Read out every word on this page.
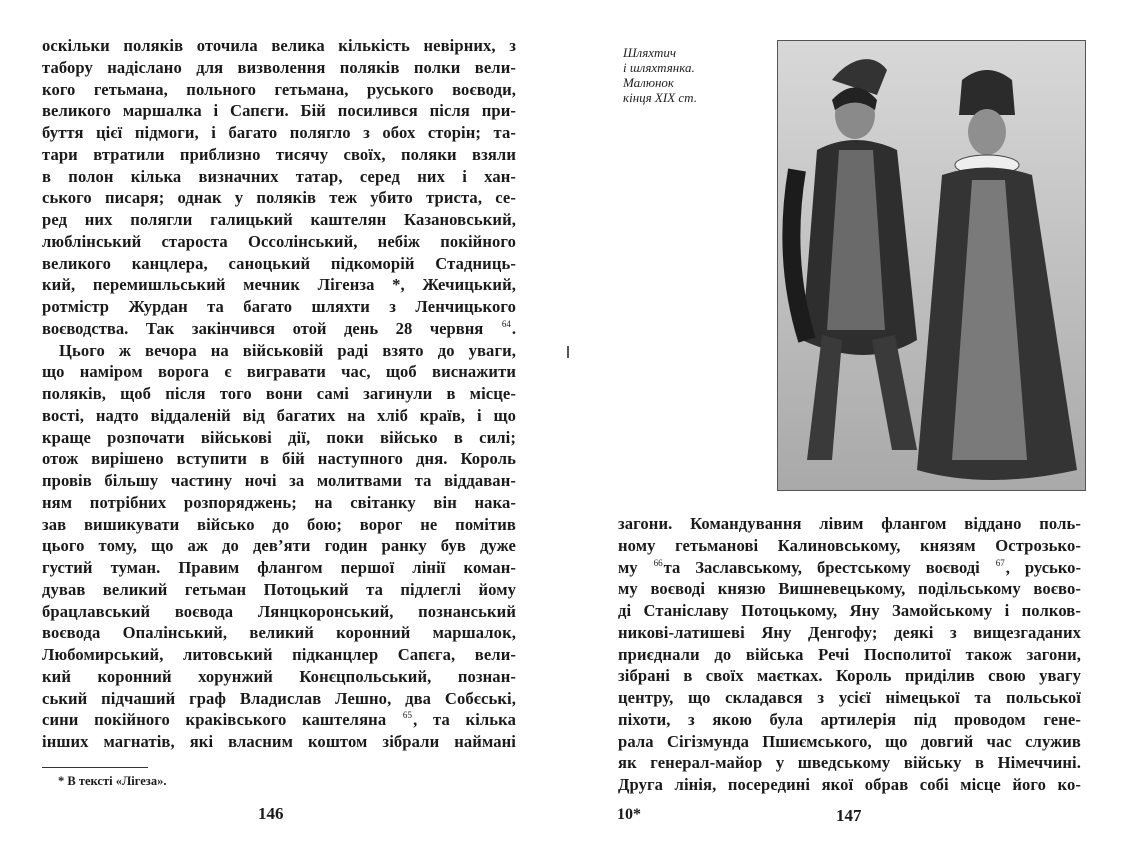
оскільки поляків оточила велика кількість невірних, з
табору надіслано для визволення поляків полки вели-
кого гетьмана, польного гетьмана, руського воєводи,
великого маршалка і Сапєги. Бій посилився після при-
буття цієї підмоги, і багато полягло з обох сторін; та-
тари втратили приблизно тисячу своїх, поляки взяли
в полон кілька визначних татар, серед них і хан-
ського писаря; однак у поляків теж убито триста, се-
ред них полягли галицький каштелян Казановський,
люблінський староста Оссолінський, небіж покійного
великого канцлера, саноцький підкоморій Стадниць-
кий, перемишльський мечник Лігенза *, Жечицький,
ротмістр Журдан та багато шляхти з Ленчицького
воєводства. Так закінчився отой день 28 червня $^{64}$.
Цього ж вечора на військовій раді взято до уваги,
що наміром ворога є вигравати час, щоб виснажити
поляків, щоб після того вони самі загинули в місце-
вості, надто віддаленій від багатих на хліб країв, і що
краще розпочати військові дії, поки військо в силі;
отож вирішено вступити в бій наступного дня. Король
провів більшу частину ночі за молитвами та віддаван-
ням потрібних розпоряджень; на світанку він нака-
зав вишикувати військо до бою; ворог не помітив
цього тому, що аж до дев’яти годин ранку був дуже
густий туман. Правим флангом першої лінії коман-
дував великий гетьман Потоцький та підлеглі йому
брацлавський воєвода Лянцкоронський, познанський
воєвода Опалінський, великий коронний маршалок,
Любомирський, литовський підканцлер Сапєга, вели-
кий коронний хорунжий Конєцпольський, познан-
ський підчаший граф Владислав Лешно, два Собєські,
сини покійного краківського каштеляна $^{65}$, та кілька
інших магнатів, які власним коштом зібрали наймані
* В тексті «Лігеза».
146
Шляхтич
і шляхтянка.
Малюнок
кінця XIX ст.
загони. Командування лівим флангом віддано поль-
ному гетьманові Калиновському, князям Острозько-
му $^{66}$та Заславському, брестському воєводі $^{67}$, русько-
му воєводі князю Вишневецькому, подільському воєво-
ді Станіславу Потоцькому, Яну Замойському і полков-
никові-латишеві Яну Денгофу; деякі з вищезгаданих
приєднали до війська Речі Посполитої також загони,
зібрані в своїх маєтках. Король приділив свою увагу
центру, що складався з усієї німецької та польської
піхоти, з якою була артилерія під проводом гене-
рала Сігізмунда Пшиємського, що довгий час служив
як генерал-майор у шведському війську в Німеччині.
Друга лінія, посередині якої обрав собі місце його ко-
10*	147
